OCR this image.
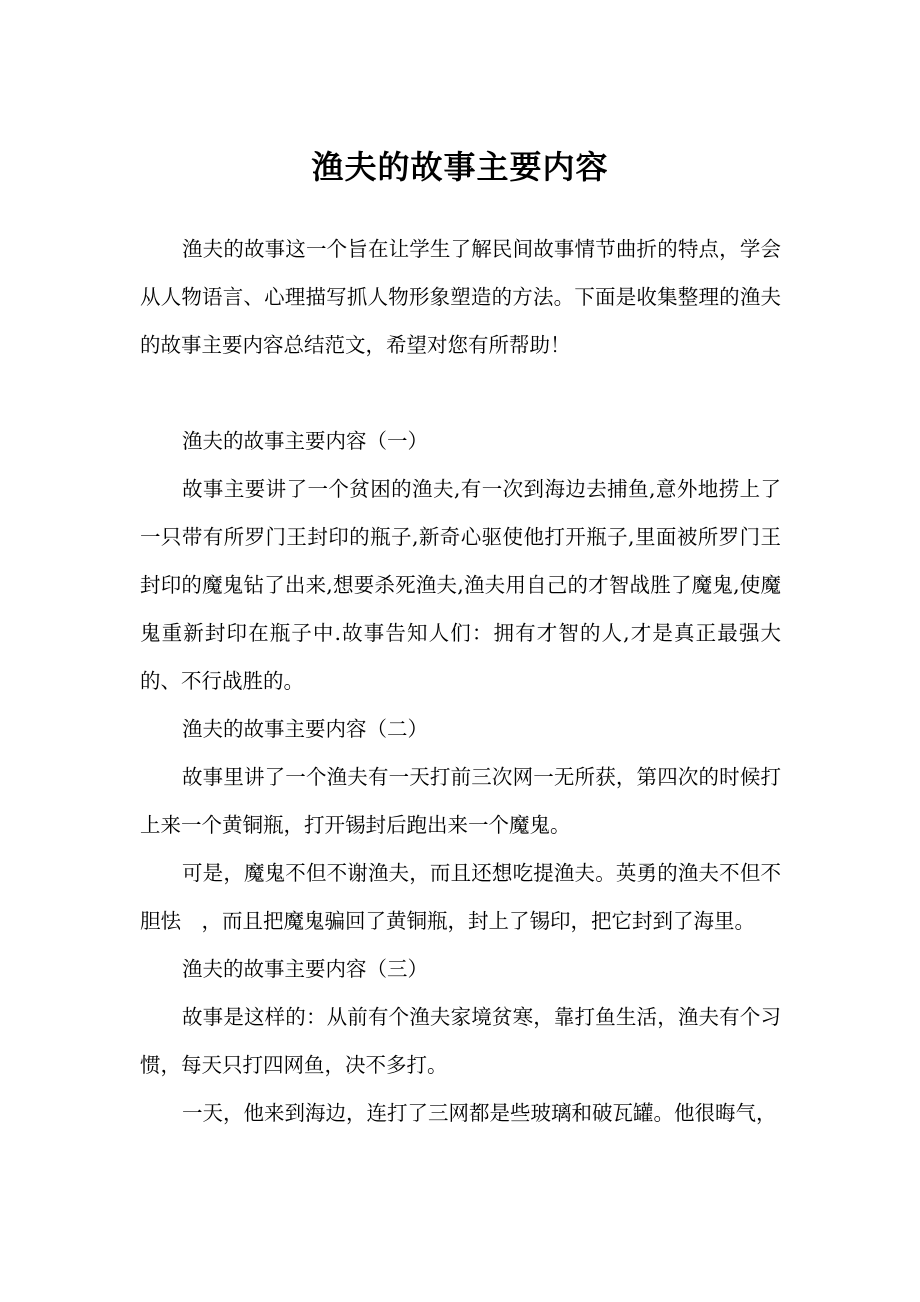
渔夫的故事主要内容

渔夫的故事这一个旨在让学生了解民间故事情节曲折的特点，学会从人物语言、心理描写抓人物形象塑造的方法。下面是收集整理的渔夫的故事主要内容总结范文，希望对您有所帮助！

渔夫的故事主要内容（一）

故事主要讲了一个贫困的渔夫,有一次到海边去捕鱼,意外地捞上了一只带有所罗门王封印的瓶子,新奇心驱使他打开瓶子,里面被所罗门王封印的魔鬼钻了出来,想要杀死渔夫,渔夫用自己的才智战胜了魔鬼,使魔鬼重新封印在瓶子中.故事告知人们：拥有才智的人,才是真正最强大的、不行战胜的。

渔夫的故事主要内容（二）

故事里讲了一个渔夫有一天打前三次网一无所获，第四次的时候打上来一个黄铜瓶，打开锡封后跑出来一个魔鬼。

可是，魔鬼不但不谢渔夫，而且还想吃提渔夫。英勇的渔夫不但不胆怯　，而且把魔鬼骗回了黄铜瓶，封上了锡印，把它封到了海里。

渔夫的故事主要内容（三）

故事是这样的：从前有个渔夫家境贫寒，靠打鱼生活，渔夫有个习惯，每天只打四网鱼，决不多打。

一天，他来到海边，连打了三网都是些玻璃和破瓦罐。他很晦气，
